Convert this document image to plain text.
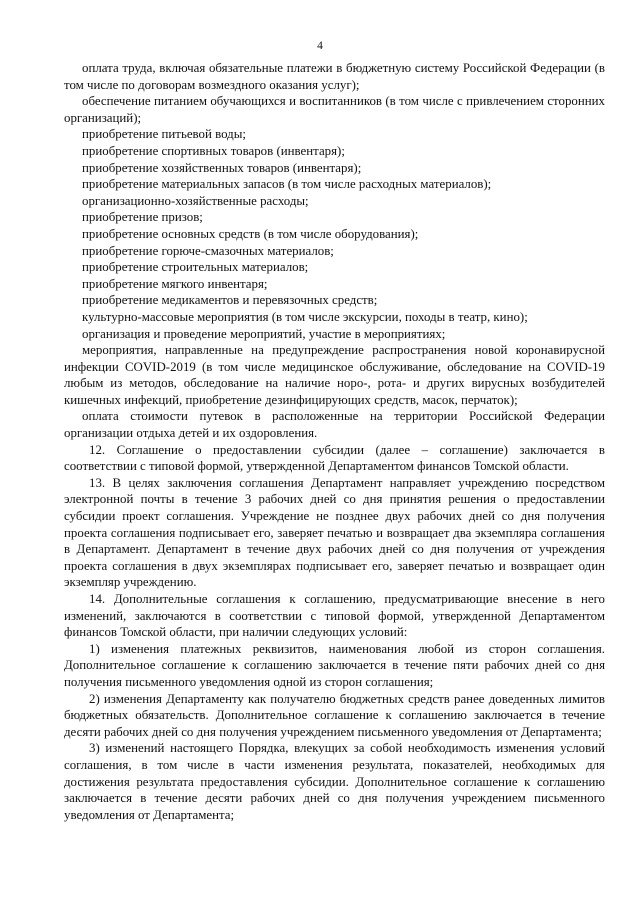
4

оплата труда, включая обязательные платежи в бюджетную систему Российской Федерации (в том числе по договорам возмездного оказания услуг);

обеспечение питанием обучающихся и воспитанников (в том числе с привлечением сторонних организаций);

приобретение питьевой воды;

приобретение спортивных товаров (инвентаря);

приобретение хозяйственных товаров (инвентаря);

приобретение материальных запасов (в том числе расходных материалов);

организационно-хозяйственные расходы;

приобретение призов;

приобретение основных средств (в том числе оборудования);

приобретение горюче-смазочных материалов;

приобретение строительных материалов;

приобретение мягкого инвентаря;

приобретение медикаментов и перевязочных средств;

культурно-массовые мероприятия (в том числе экскурсии, походы в театр, кино);

организация и проведение мероприятий, участие в мероприятиях;

мероприятия, направленные на предупреждение распространения новой коронавирусной инфекции COVID-2019 (в том числе медицинское обслуживание, обследование на COVID-19 любым из методов, обследование на наличие норо-, рота- и других вирусных возбудителей кишечных инфекций, приобретение дезинфицирующих средств, масок, перчаток);

оплата стоимости путевок в расположенные на территории Российской Федерации организации отдыха детей и их оздоровления.

12. Соглашение о предоставлении субсидии (далее – соглашение) заключается в соответствии с типовой формой, утвержденной Департаментом финансов Томской области.

13. В целях заключения соглашения Департамент направляет учреждению посредством электронной почты в течение 3 рабочих дней со дня принятия решения о предоставлении субсидии проект соглашения. Учреждение не позднее двух рабочих дней со дня получения проекта соглашения подписывает его, заверяет печатью и возвращает два экземпляра соглашения в Департамент. Департамент в течение двух рабочих дней со дня получения от учреждения проекта соглашения в двух экземплярах подписывает его, заверяет печатью и возвращает один экземпляр учреждению.

14. Дополнительные соглашения к соглашению, предусматривающие внесение в него изменений, заключаются в соответствии с типовой формой, утвержденной Департаментом финансов Томской области, при наличии следующих условий:

1) изменения платежных реквизитов, наименования любой из сторон соглашения. Дополнительное соглашение к соглашению заключается в течение пяти рабочих дней со дня получения письменного уведомления одной из сторон соглашения;

2) изменения Департаменту как получателю бюджетных средств ранее доведенных лимитов бюджетных обязательств. Дополнительное соглашение к соглашению заключается в течение десяти рабочих дней со дня получения учреждением письменного уведомления от Департамента;

3) изменений настоящего Порядка, влекущих за собой необходимость изменения условий соглашения, в том числе в части изменения результата, показателей, необходимых для достижения результата предоставления субсидии. Дополнительное соглашение к соглашению заключается в течение десяти рабочих дней со дня получения учреждением письменного уведомления от Департамента;
